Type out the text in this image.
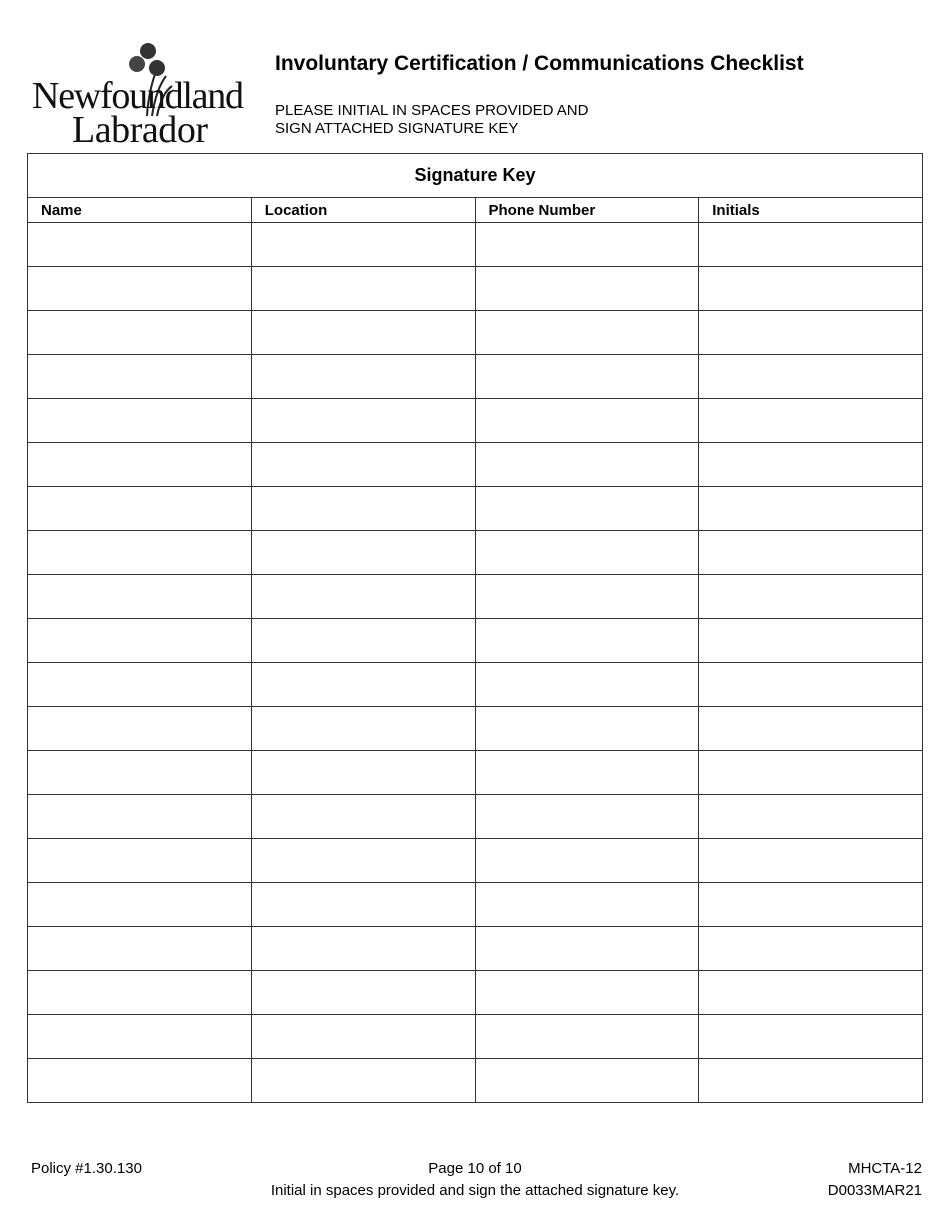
Newfoundland
Labrador
Involuntary Certification / Communications Checklist
PLEASE INITIAL IN SPACES PROVIDED AND
SIGN ATTACHED SIGNATURE KEY
Signature Key			
Name	Location	Phone Number	Initials

Policy #1.30.130	Page 10 of 10
Initial in spaces provided and sign the attached signature key.
MHCTA-12
D0033MAR21
